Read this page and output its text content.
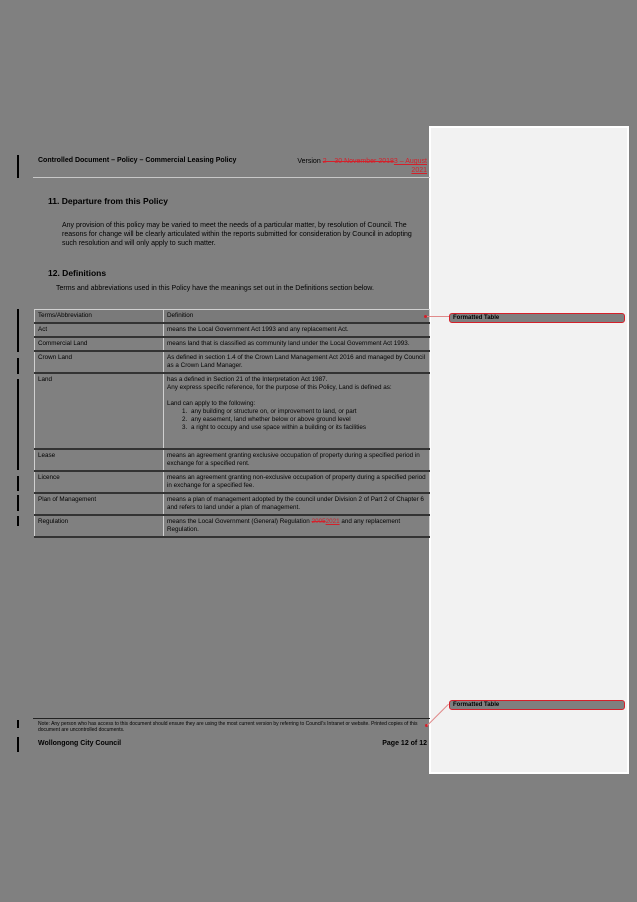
Controlled Document – Policy – Commercial Leasing Policy	Version 2 – 30 November 20183 – August 2021
11. Departure from this Policy
Any provision of this policy may be varied to meet the needs of a particular matter, by resolution of Council. The reasons for change will be clearly articulated within the reports submitted for consideration by Council in adopting such resolution and will only apply to such matter.
12. Definitions
Terms and abbreviations used in this Policy have the meanings set out in the Definitions section below.
Terms/Abbreviation	Definition
Act	means the Local Government Act 1993 and any replacement Act.
Commercial Land	means land that is classified as community land under the Local Government Act 1993.
Crown Land	As defined in section 1.4 of the Crown Land Management Act 2016 and managed by Council as a Crown Land Manager.
Land	has a defined in Section 21 of the Interpretation Act 1987.
Any express specific reference, for the purpose of this Policy, Land is defined as:
Land can apply to the following:
1. any building or structure on, or improvement to land, or part
2. any easement, land whether below or above ground level
3. a right to occupy and use space within a building or its facilities

Lease	means an agreement granting exclusive occupation of property during a specified period in exchange for a specified rent.
Licence	means an agreement granting non-exclusive occupation of property during a specified period in exchange for a specified fee.
Plan of Management	means a plan of management adopted by the council under Division 2 of Part 2 of Chapter 6 and refers to land under a plan of management.
Regulation	means the Local Government (General) Regulation 20052021 and any replacement Regulation.
Note: Any person who has access to this document should ensure they are using the most current version by referring to Council's Intranet or website. Printed copies of this document are uncontrolled documents.
Wollongong City Council	Page 12 of 12
Formatted Table
Formatted Table
